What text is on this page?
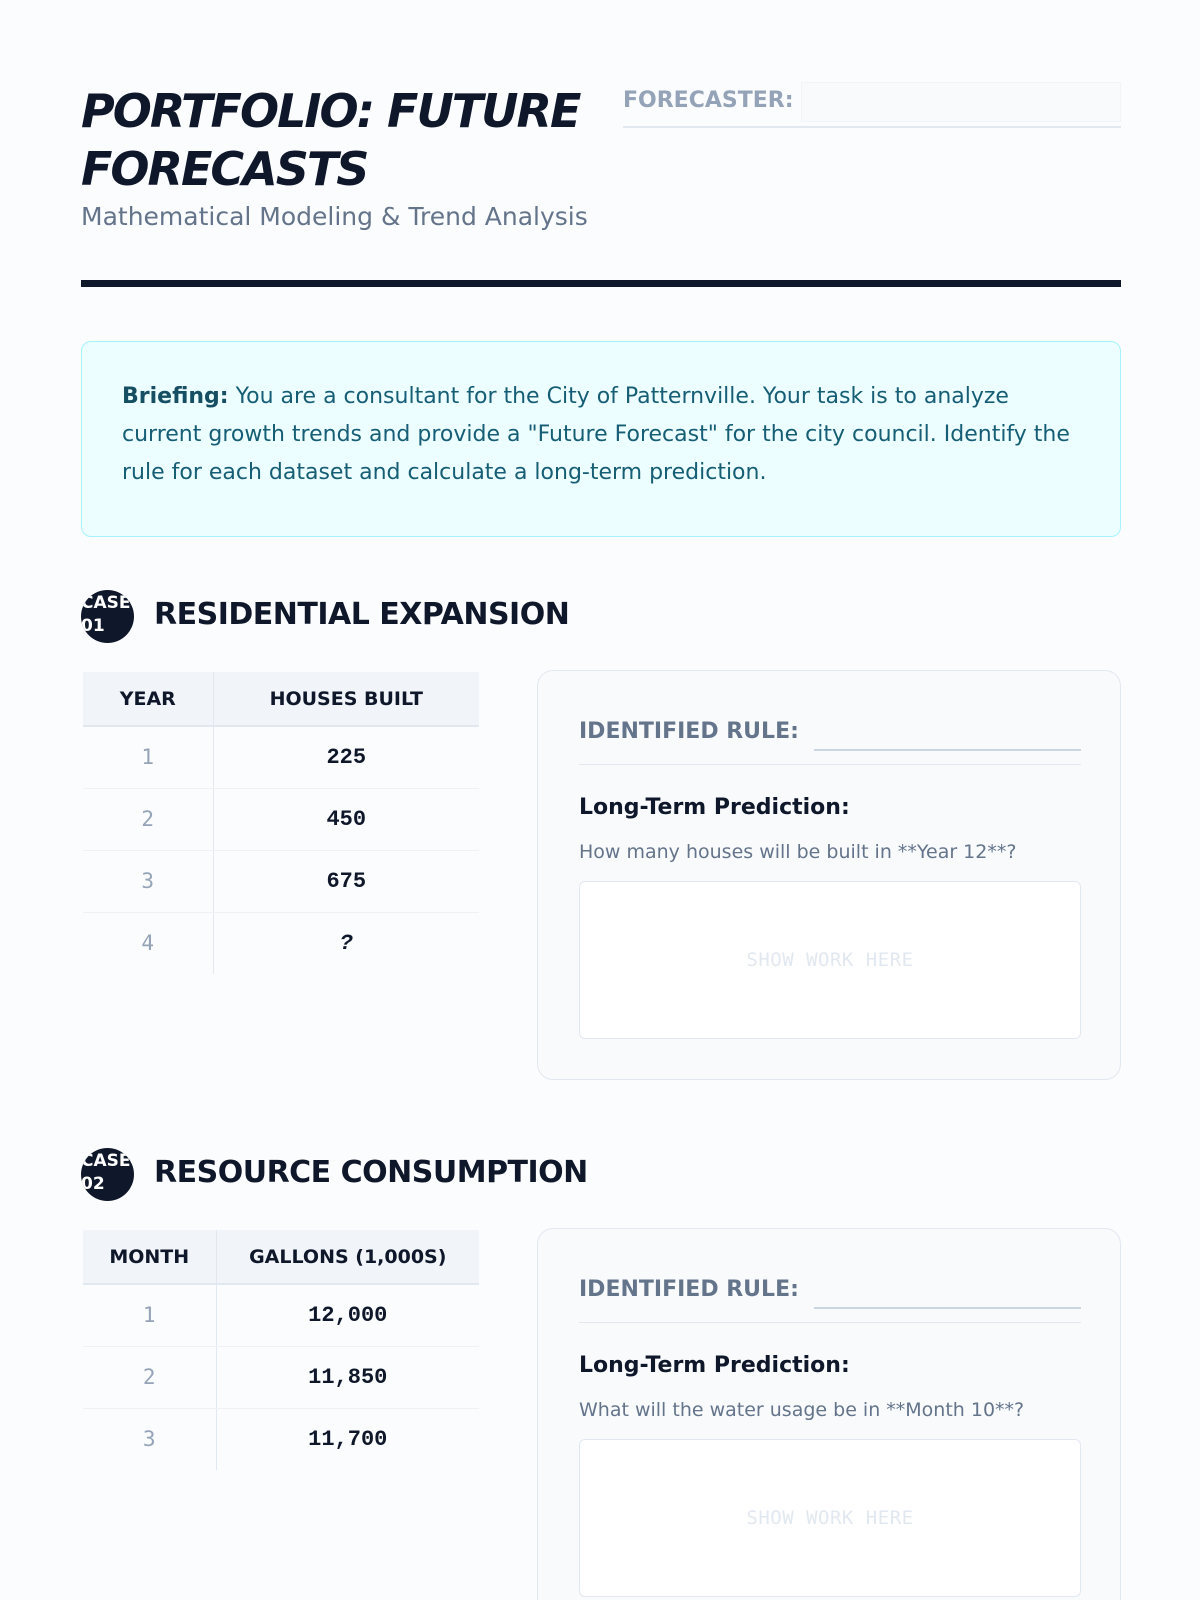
PORTFOLIO: FUTURE FORECASTS
Mathematical Modeling & Trend Analysis
FORECASTER:
Briefing: You are a consultant for the City of Patternville. Your task is to analyze current growth trends and provide a "Future Forecast" for the city council. Identify the rule for each dataset and calculate a long-term prediction.
CASE
01	RESIDENTIAL EXPANSION
YEAR	HOUSES BUILT
1	225
2	450
3	675
4	?
IDENTIFIED RULE:
Long-Term Prediction:
How many houses will be built in **Year 12**?
SHOW WORK HERE
CASE
02	RESOURCE CONSUMPTION
MONTH	GALLONS (1,000S)
1	12,000
2	11,850
3	11,700
IDENTIFIED RULE:
Long-Term Prediction:
What will the water usage be in **Month 10**?
SHOW WORK HERE
